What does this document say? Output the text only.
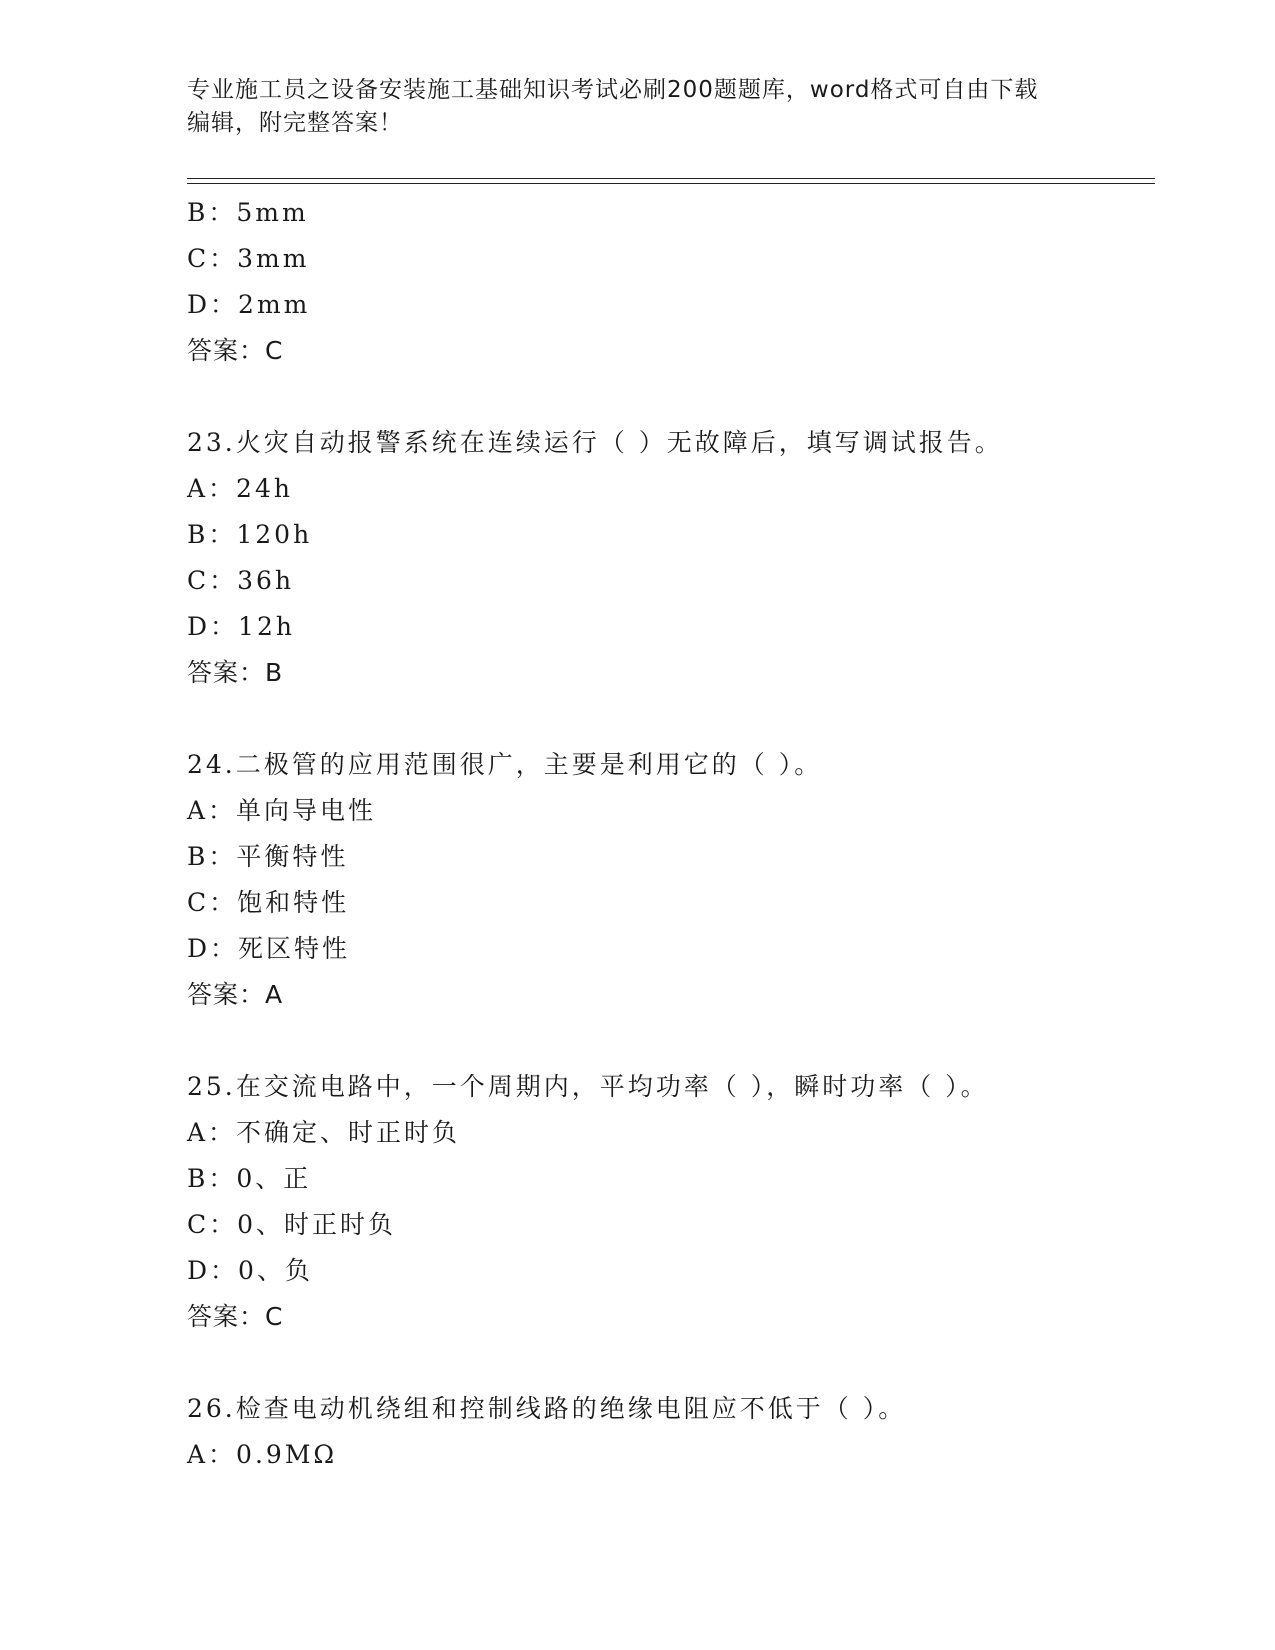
专业施工员之设备安装施工基础知识考试必刷200题题库，word格式可自由下载
编辑，附完整答案！
B：5mm
C：3mm
D：2mm
答案：C
23.火灾自动报警系统在连续运行（ ）无故障后，填写调试报告。
A：24h
B：120h
C：36h
D：12h
答案：B
24.二极管的应用范围很广，主要是利用它的（ ）。
A：单向导电性
B：平衡特性
C：饱和特性
D：死区特性
答案：A
25.在交流电路中，一个周期内，平均功率（ ），瞬时功率（ ）。
A：不确定、时正时负
B：0、正
C：0、时正时负
D：0、负
答案：C
26.检查电动机绕组和控制线路的绝缘电阻应不低于（ ）。
A：0.9MΩ
